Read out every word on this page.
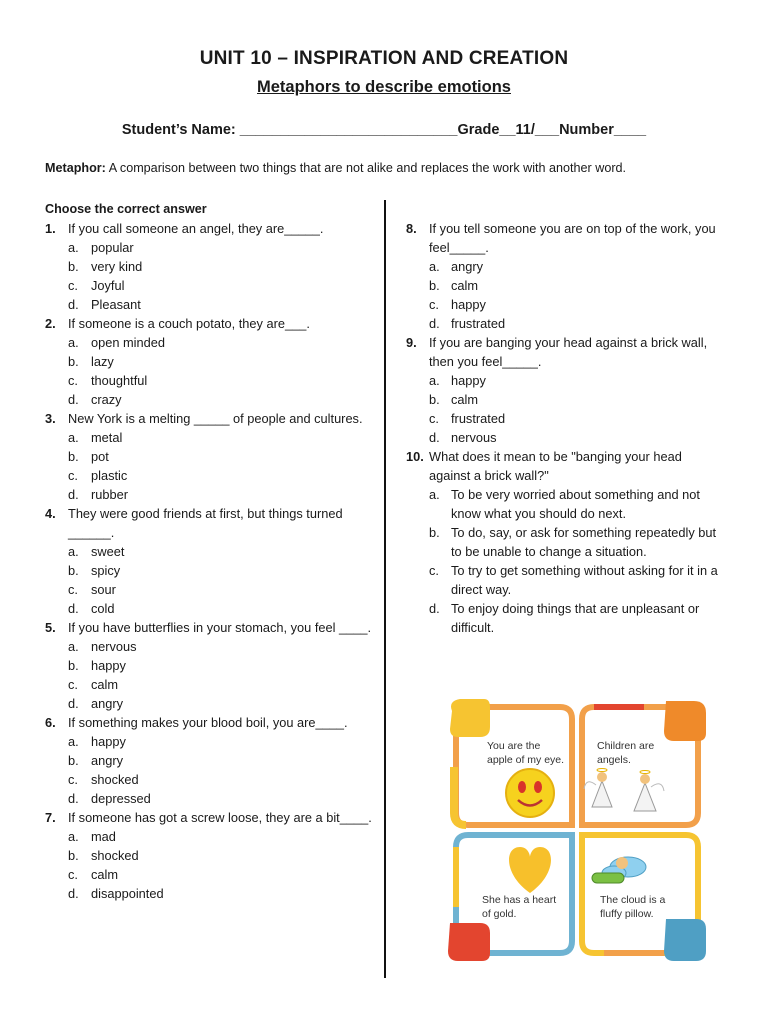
UNIT 10 – INSPIRATION AND CREATION
Metaphors to describe emotions
Student’s Name: ___________________________Grade__11/___Number____
Metaphor: A comparison between two things that are not alike and replaces the work with another word.
Choose the correct answer
1. If you call someone an angel, they are_____.
a. popular
b. very kind
c. Joyful
d. Pleasant
2. If someone is a couch potato, they are___.
a. open minded
b. lazy
c. thoughtful
d. crazy
3. New York is a melting _____ of people and cultures.
a. metal
b. pot
c. plastic
d. rubber
4. They were good friends at first, but things turned ______.
a. sweet
b. spicy
c. sour
d. cold
5. If you have butterflies in your stomach, you feel ____.
a. nervous
b. happy
c. calm
d. angry
6. If something makes your blood boil, you are____.
a. happy
b. angry
c. shocked
d. depressed
7. If someone has got a screw loose, they are a bit____.
a. mad
b. shocked
c. calm
d. disappointed
8. If you tell someone you are on top of the work, you feel_____.
a. angry
b. calm
c. happy
d. frustrated
9. If you are banging your head against a brick wall, then you feel_____.
a. happy
b. calm
c. frustrated
d. nervous
10. What does it mean to be "banging your head against a brick wall?"
a. To be very worried about something and not know what you should do next.
b. To do, say, or ask for something repeatedly but to be unable to change a situation.
c. To try to get something without asking for it in a direct way.
d. To enjoy doing things that are unpleasant or difficult.
You are the apple of my eye.
Children are angels.
She has a heart of gold.
The cloud is a fluffy pillow.
